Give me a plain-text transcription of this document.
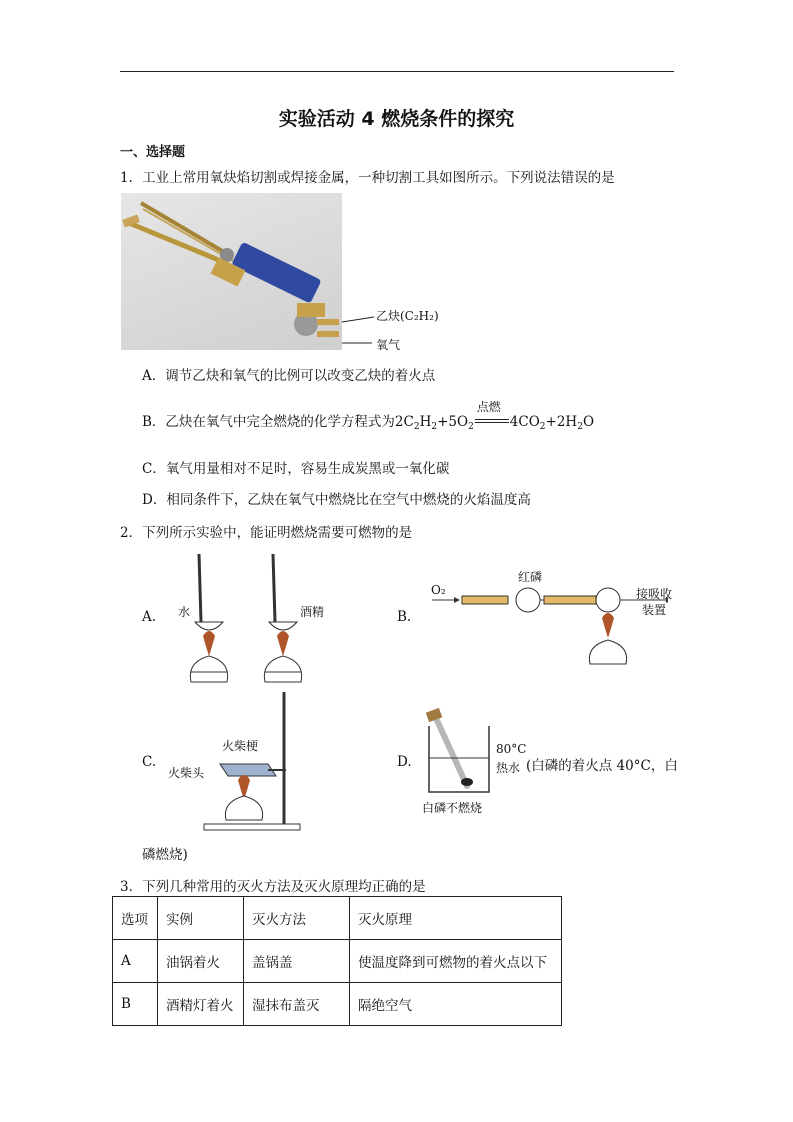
实验活动 4 燃烧条件的探究
一、选择题
1．工业上常用氧炔焰切割或焊接金属，一种切割工具如图所示。下列说法错误的是
乙炔(C₂H₂)
氧气
A．调节乙炔和氧气的比例可以改变乙炔的着火点
B．乙炔在氧气中完全燃烧的化学方程式为$2C_2H_2+5O_2$
点燃
$4CO_2+2H_2O$
C．氧气用量相对不足时，容易生成炭黑或一氧化碳
D．相同条件下，乙炔在氧气中燃烧比在空气中燃烧的火焰温度高
2．下列所示实验中，能证明燃烧需要可燃物的是
A. 水	酒精	B.
O₂
红磷
接吸收
装置
C.
火柴梗
火柴头
D.
80°C
热水 (白磷的着火点 40°C，白
白磷不燃烧
磷燃烧)
3．下列几种常用的灭火方法及灭火原理均正确的是
选项	实例	灭火方法	灭火原理
A	油锅着火	盖锅盖	使温度降到可燃物的着火点以下
B	酒精灯着火	湿抹布盖灭	隔绝空气
